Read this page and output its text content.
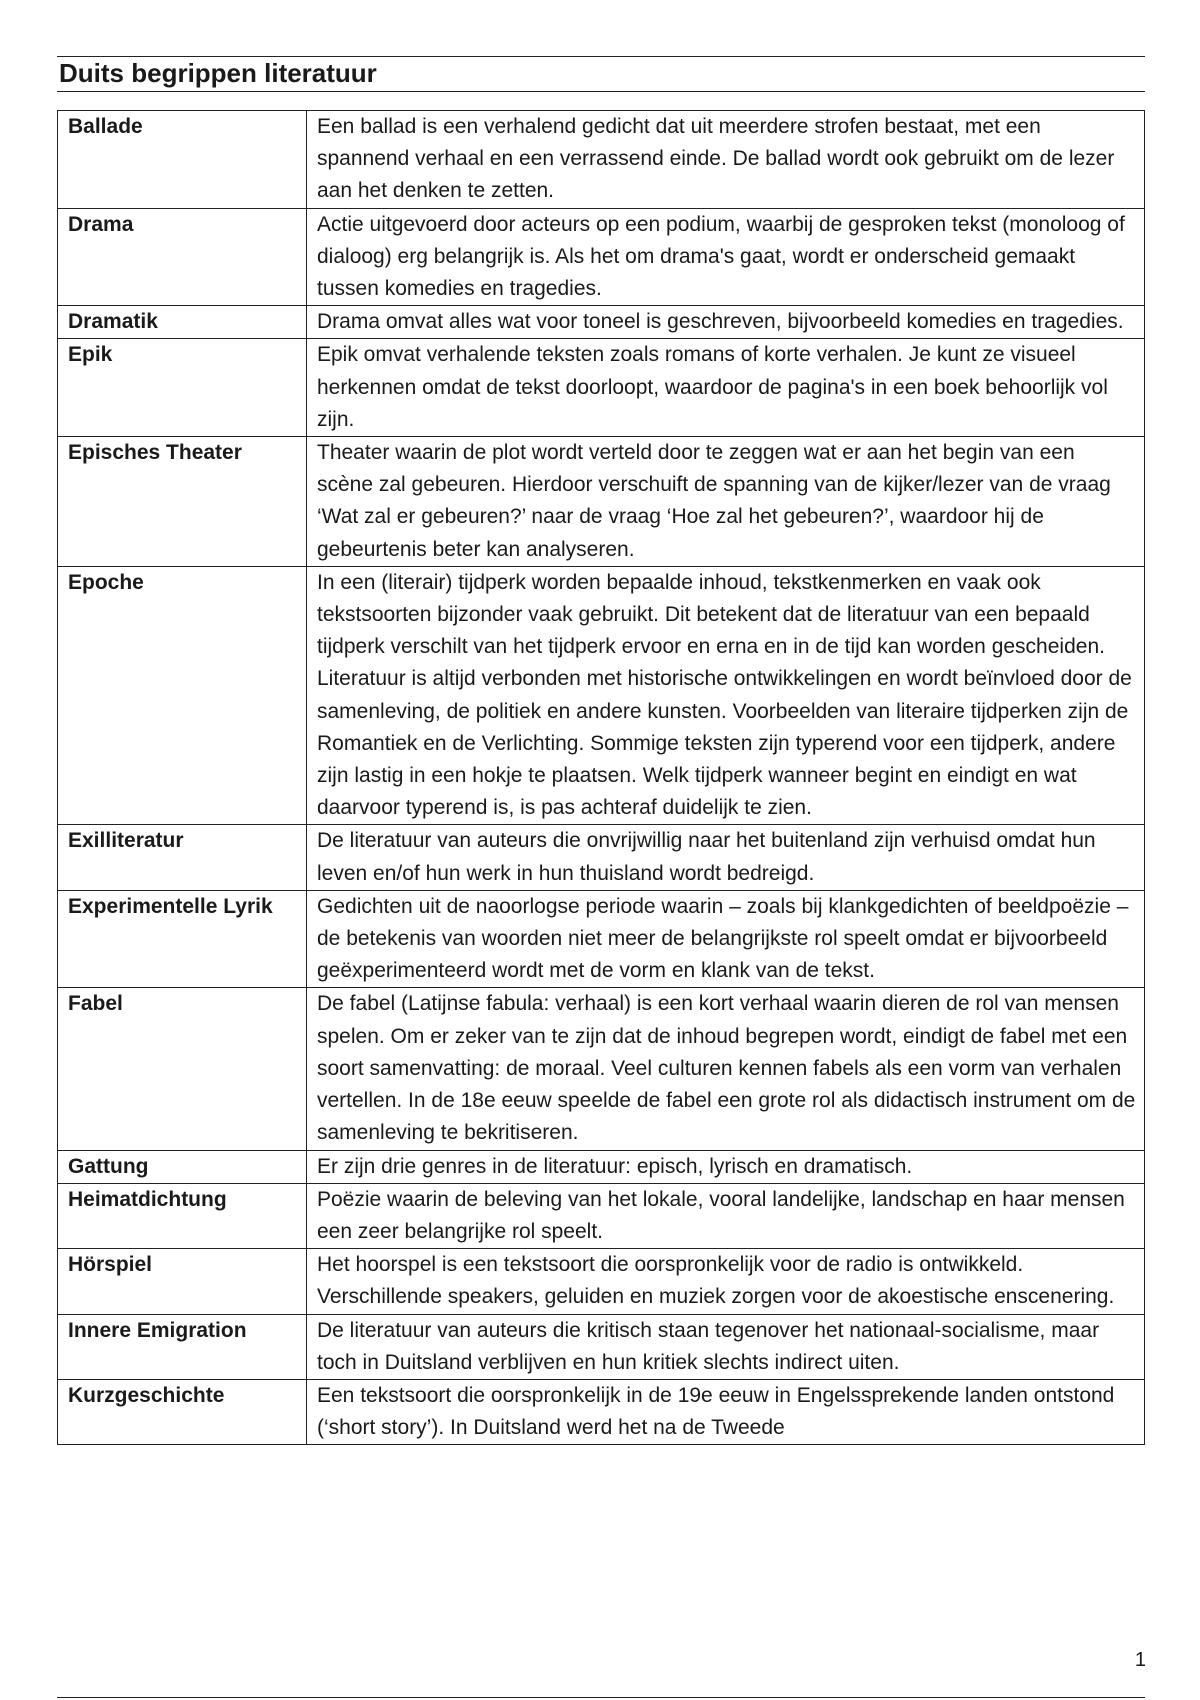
Duits begrippen literatuur
Ballade	Een ballad is een verhalend gedicht dat uit meerdere strofen bestaat, met een spannend verhaal en een verrassend einde. De ballad wordt ook gebruikt om de lezer aan het denken te zetten.
Drama	Actie uitgevoerd door acteurs op een podium, waarbij de gesproken tekst (monoloog of dialoog) erg belangrijk is. Als het om drama's gaat, wordt er onderscheid gemaakt tussen komedies en tragedies.
Dramatik	Drama omvat alles wat voor toneel is geschreven, bijvoorbeeld komedies en tragedies.
Epik	Epik omvat verhalende teksten zoals romans of korte verhalen. Je kunt ze visueel herkennen omdat de tekst doorloopt, waardoor de pagina's in een boek behoorlijk vol zijn.
Episches Theater	Theater waarin de plot wordt verteld door te zeggen wat er aan het begin van een scène zal gebeuren. Hierdoor verschuift de spanning van de kijker/lezer van de vraag ‘Wat zal er gebeuren?’ naar de vraag ‘Hoe zal het gebeuren?’, waardoor hij de gebeurtenis beter kan analyseren.
Epoche	In een (literair) tijdperk worden bepaalde inhoud, tekstkenmerken en vaak ook tekstsoorten bijzonder vaak gebruikt. Dit betekent dat de literatuur van een bepaald tijdperk verschilt van het tijdperk ervoor en erna en in de tijd kan worden gescheiden. Literatuur is altijd verbonden met historische ontwikkelingen en wordt beïnvloed door de samenleving, de politiek en andere kunsten. Voorbeelden van literaire tijdperken zijn de Romantiek en de Verlichting. Sommige teksten zijn typerend voor een tijdperk, andere zijn lastig in een hokje te plaatsen. Welk tijdperk wanneer begint en eindigt en wat daarvoor typerend is, is pas achteraf duidelijk te zien.
Exilliteratur	De literatuur van auteurs die onvrijwillig naar het buitenland zijn verhuisd omdat hun leven en/of hun werk in hun thuisland wordt bedreigd.
Experimentelle Lyrik	Gedichten uit de naoorlogse periode waarin – zoals bij klankgedichten of beeldpoëzie – de betekenis van woorden niet meer de belangrijkste rol speelt omdat er bijvoorbeeld geëxperimenteerd wordt met de vorm en klank van de tekst.
Fabel	De fabel (Latijnse fabula: verhaal) is een kort verhaal waarin dieren de rol van mensen spelen. Om er zeker van te zijn dat de inhoud begrepen wordt, eindigt de fabel met een soort samenvatting: de moraal. Veel culturen kennen fabels als een vorm van verhalen vertellen. In de 18e eeuw speelde de fabel een grote rol als didactisch instrument om de samenleving te bekritiseren.
Gattung	Er zijn drie genres in de literatuur: episch, lyrisch en dramatisch.
Heimatdichtung	Poëzie waarin de beleving van het lokale, vooral landelijke, landschap en haar mensen een zeer belangrijke rol speelt.
Hörspiel	Het hoorspel is een tekstsoort die oorspronkelijk voor de radio is ontwikkeld. Verschillende speakers, geluiden en muziek zorgen voor de akoestische enscenering.
Innere Emigration	De literatuur van auteurs die kritisch staan tegenover het nationaal-socialisme, maar toch in Duitsland verblijven en hun kritiek slechts indirect uiten.
Kurzgeschichte	Een tekstsoort die oorspronkelijk in de 19e eeuw in Engelssprekende landen ontstond (‘short story’). In Duitsland werd het na de Tweede
1
